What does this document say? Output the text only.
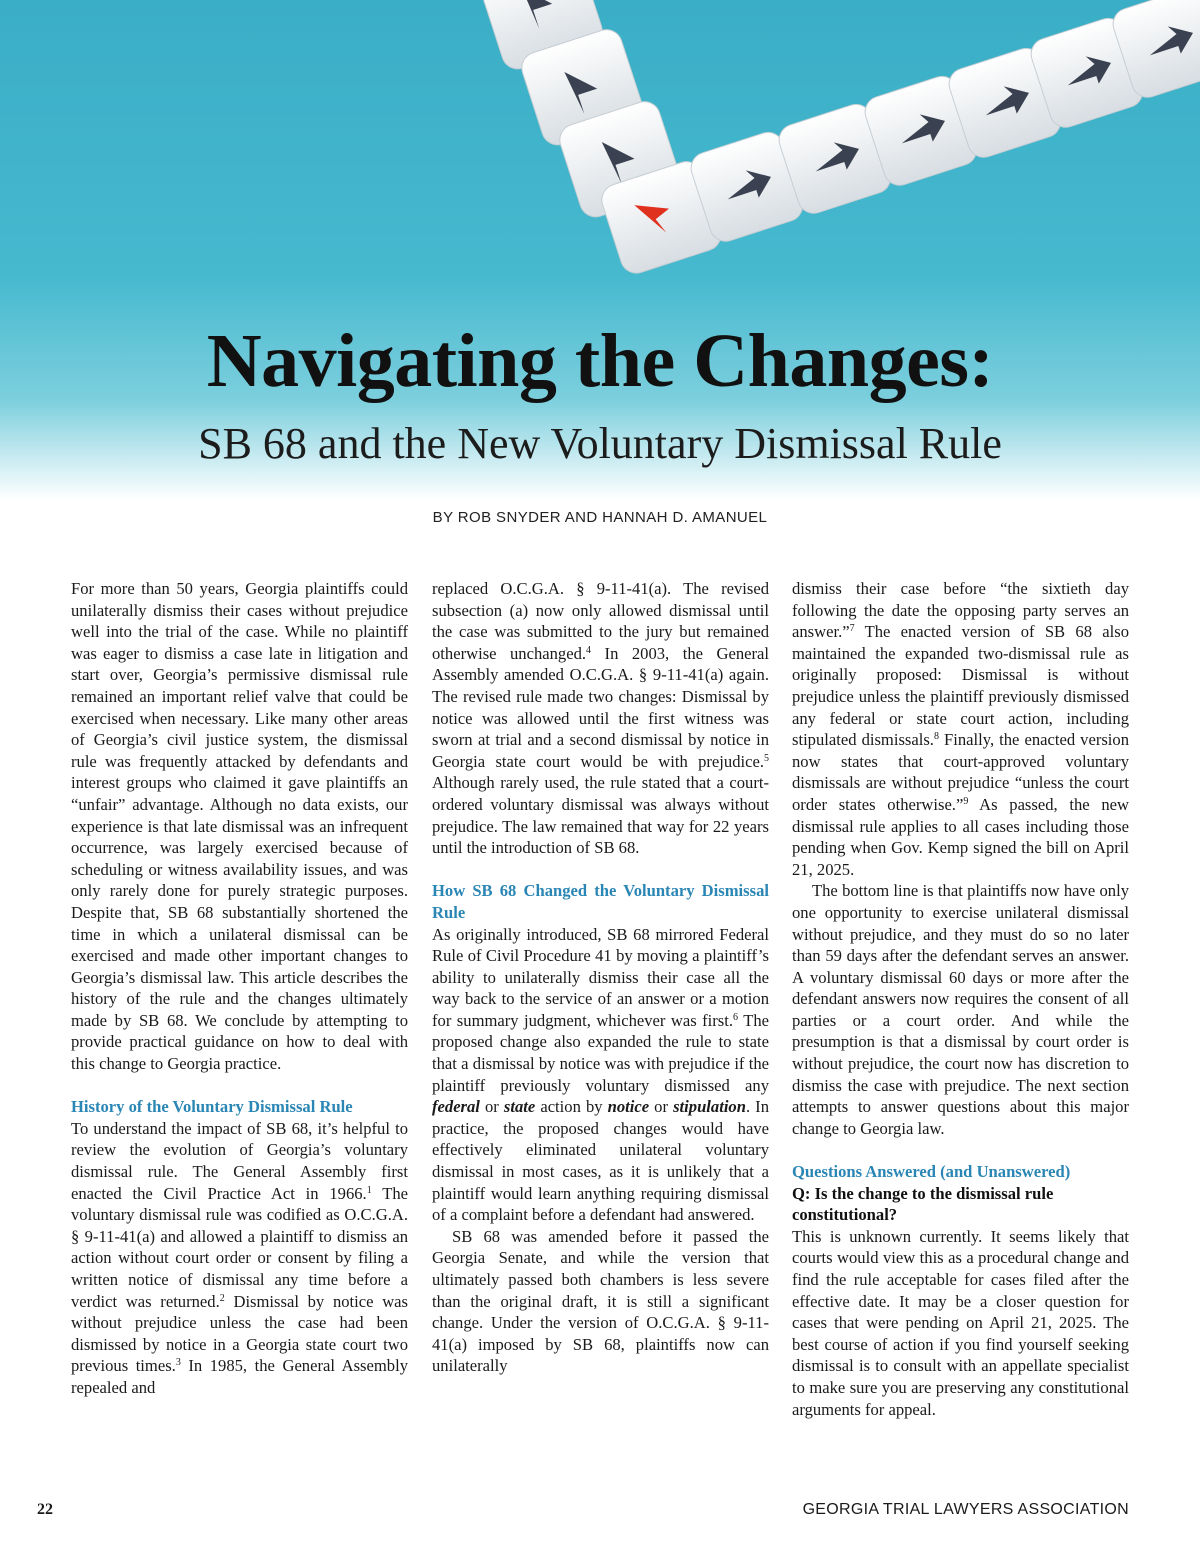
Navigating the Changes:
SB 68 and the New Voluntary Dismissal Rule
BY ROB SNYDER AND HANNAH D. AMANUEL

For more than 50 years, Georgia plaintiffs could unilaterally dismiss their cases without prejudice well into the trial of the case. While no plaintiff was eager to dismiss a case late in litigation and start over, Georgia’s permissive dismissal rule remained an important relief valve that could be exercised when necessary. Like many other areas of Georgia’s civil justice system, the dismissal rule was frequently attacked by defendants and interest groups who claimed it gave plaintiffs an “unfair” advantage. Although no data exists, our experience is that late dismissal was an infrequent occurrence, was largely exercised because of scheduling or witness availability issues, and was only rarely done for purely strategic purposes. Despite that, SB 68 substantially shortened the time in which a unilateral dismissal can be exercised and made other important changes to Georgia’s dismissal law. This article describes the history of the rule and the changes ultimately made by SB 68. We conclude by attempting to provide practical guidance on how to deal with this change to Georgia practice.

History of the Voluntary Dismissal Rule

To understand the impact of SB 68, it’s helpful to review the evolution of Georgia’s voluntary dismissal rule. The General Assembly first enacted the Civil Practice Act in 1966.$^1$ The voluntary dismissal rule was codified as O.C.G.A. § 9-11-41(a) and allowed a plaintiff to dismiss an action without court order or consent by filing a written notice of dismissal any time before a verdict was returned.$^2$ Dismissal by notice was without prejudice unless the case had been dismissed by notice in a Georgia state court two previous times.$^3$ In 1985, the General Assembly repealed and

replaced O.C.G.A. § 9-11-41(a). The revised subsection (a) now only allowed dismissal until the case was submitted to the jury but remained otherwise unchanged.$^4$ In 2003, the General Assembly amended O.C.G.A. § 9-11-41(a) again. The revised rule made two changes: Dismissal by notice was allowed until the first witness was sworn at trial and a second dismissal by notice in Georgia state court would be with prejudice.$^5$ Although rarely used, the rule stated that a court-ordered voluntary dismissal was always without prejudice. The law remained that way for 22 years until the introduction of SB 68.

How SB 68 Changed the Voluntary Dismissal Rule

As originally introduced, SB 68 mirrored Federal Rule of Civil Procedure 41 by moving a plaintiff’s ability to unilaterally dismiss their case all the way back to the service of an answer or a motion for summary judgment, whichever was first.$^6$ The proposed change also expanded the rule to state that a dismissal by notice was with prejudice if the plaintiff previously voluntary dismissed any federal or state action by notice or stipulation. In practice, the proposed changes would have effectively eliminated unilateral voluntary dismissal in most cases, as it is unlikely that a plaintiff would learn anything requiring dismissal of a complaint before a defendant had answered.

SB 68 was amended before it passed the Georgia Senate, and while the version that ultimately passed both chambers is less severe than the original draft, it is still a significant change. Under the version of O.C.G.A. § 9-11-41(a) imposed by SB 68, plaintiffs now can unilaterally

dismiss their case before “the sixtieth day following the date the opposing party serves an answer.”$^7$ The enacted version of SB 68 also maintained the expanded two-dismissal rule as originally proposed: Dismissal is without prejudice unless the plaintiff previously dismissed any federal or state court action, including stipulated dismissals.$^8$ Finally, the enacted version now states that court-approved voluntary dismissals are without prejudice “unless the court order states otherwise.”$^9$ As passed, the new dismissal rule applies to all cases including those pending when Gov. Kemp signed the bill on April 21, 2025.

The bottom line is that plaintiffs now have only one opportunity to exercise unilateral dismissal without prejudice, and they must do so no later than 59 days after the defendant serves an answer. A voluntary dismissal 60 days or more after the defendant answers now requires the consent of all parties or a court order. And while the presumption is that a dismissal by court order is without prejudice, the court now has discretion to dismiss the case with prejudice. The next section attempts to answer questions about this major change to Georgia law.

Questions Answered (and Unanswered)
Q: Is the change to the dismissal rule constitutional?

This is unknown currently. It seems likely that courts would view this as a procedural change and find the rule acceptable for cases filed after the effective date. It may be a closer question for cases that were pending on April 21, 2025. The best course of action if you find yourself seeking dismissal is to consult with an appellate specialist to make sure you are preserving any constitutional arguments for appeal.

22	GEORGIA TRIAL LAWYERS ASSOCIATION
